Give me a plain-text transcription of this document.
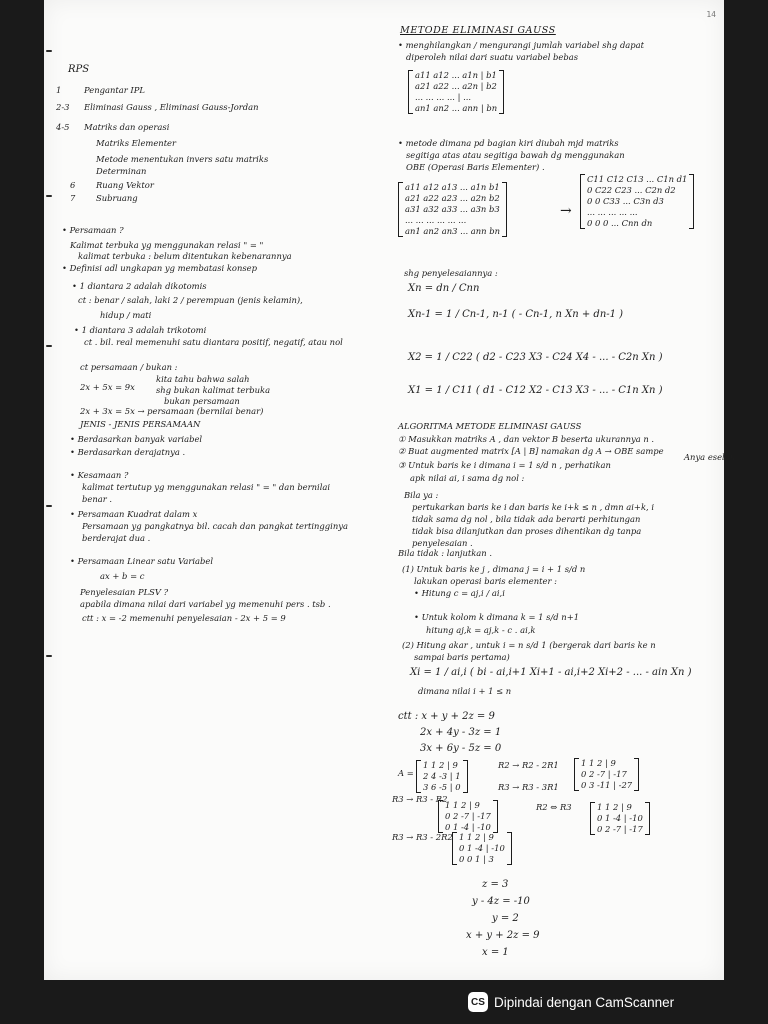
14
RPS
1	Pengantar IPL
2-3 Eliminasi Gauss , Eliminasi Gauss-Jordan
4-5 Matriks dan operasi
Matriks Elementer
Metode menentukan invers satu matriks
Determinan
6 Ruang Vektor
7 Subruang
• Persamaan ?
Kalimat terbuka yg menggunakan relasi " = "
kalimat terbuka : belum ditentukan kebenarannya
• Definisi adl ungkapan yg membatasi konsep
• 1 diantara 2 adalah dikotomis
ct : benar / salah, laki 2 / perempuan (jenis kelamin),
hidup / mati
• 1 diantara 3 adalah trikotomi
ct . bil. real memenuhi satu diantara positif, negatif, atau nol
ct persamaan / bukan :
2x + 5x = 9x
kita tahu bahwa salah
shg bukan kalimat terbuka
bukan persamaan
2x + 3x = 5x → persamaan (bernilai benar)
JENIS - JENIS PERSAMAAN
• Berdasarkan banyak variabel
• Berdasarkan derajatnya .
• Kesamaan ?
kalimat tertutup yg menggunakan relasi " = " dan bernilai
benar .
• Persamaan Kuadrat dalam x
Persamaan yg pangkatnya bil. cacah dan pangkat tertingginya
berderajat dua .
• Persamaan Linear satu Variabel
ax + b = c
Penyelesaian PLSV ?
apabila dimana nilai dari variabel yg memenuhi pers . tsb .
ctt : x = -2 memenuhi penyelesaian - 2x + 5 = 9
METODE ELIMINASI GAUSS
• menghilangkan / mengurangi jumlah variabel shg dapat
diperoleh nilai dari suatu variabel bebas
a11 a12 ... a1n | b1
a21 a22 ... a2n | b2
... ... ... ... | ...
an1 an2 ... ann | bn
• metode dimana pd bagian kiri diubah mjd matriks
segitiga atas atau segitiga bawah dg menggunakan
OBE (Operasi Baris Elementer) .
a11 a12 a13 ... a1n b1
a21 a22 a23 ... a2n b2
a31 a32 a33 ... a3n b3
... ... ... ... ... ...
an1 an2 an3 ... ann bn
→
C11 C12 C13 ... C1n d1
0 C22 C23 ... C2n d2
0 0 C33 ... C3n d3
... ... ... ... ...
0 0 0 ... Cnn dn
shg penyelesaiannya :
Xn = dn / Cnn
Xn-1 = 1 / Cn-1, n-1 ( - Cn-1, n Xn + dn-1 )
X2 = 1 / C22 ( d2 - C23 X3 - C24 X4 - ... - C2n Xn )
X1 = 1 / C11 ( d1 - C12 X2 - C13 X3 - ... - C1n Xn )
ALGORITMA METODE ELIMINASI GAUSS
① Masukkan matriks A , dan vektor B beserta ukurannya n .
② Buat augmented matrix [A | B] namakan dg A → OBE sampe
Anya eselon
③ Untuk baris ke i dimana i = 1 s/d n , perhatikan
apk nilai ai, i sama dg nol :
Bila ya :
pertukarkan baris ke i dan baris ke i+k ≤ n , dmn ai+k, i
tidak sama dg nol , bila tidak ada berarti perhitungan
tidak bisa dilanjutkan dan proses dihentikan dg tanpa
penyelesaian .
Bila tidak : lanjutkan .
(1) Untuk baris ke j , dimana j = i + 1 s/d n
lakukan operasi baris elementer :
• Hitung c = aj,i / ai,i
• Untuk kolom k dimana k = 1 s/d n+1
hitung aj,k = aj,k - c . ai,k
(2) Hitung akar , untuk i = n s/d 1 (bergerak dari baris ke n
sampai baris pertama)
Xi = 1 / ai,i ( bi - ai,i+1 Xi+1 - ai,i+2 Xi+2 - ... - ain Xn )
dimana nilai i + 1 ≤ n
ctt : x + y + 2z = 9
2x + 4y - 3z = 1
3x + 6y - 5z = 0
A =
1 1 2 | 9
2 4 -3 | 1
3 6 -5 | 0
R2 → R2 - 2R1
R3 → R3 - 3R1
1 1 2 | 9
0 2 -7 | -17
0 3 -11 | -27
R3 → R3 - R2
1 1 2 | 9
0 2 -7 | -17
0 1 -4 | -10
R2 ⇔ R3	1 1 2 | 9
0 1 -4 | -10
0 2 -7 | -17
R3 → R3 - 2R2 1 1 2 | 9
0 1 -4 | -10
0 0 1 | 3
z = 3
y - 4z = -10
y = 2
x + y + 2z = 9
x = 1
CS Dipindai dengan CamScanner
